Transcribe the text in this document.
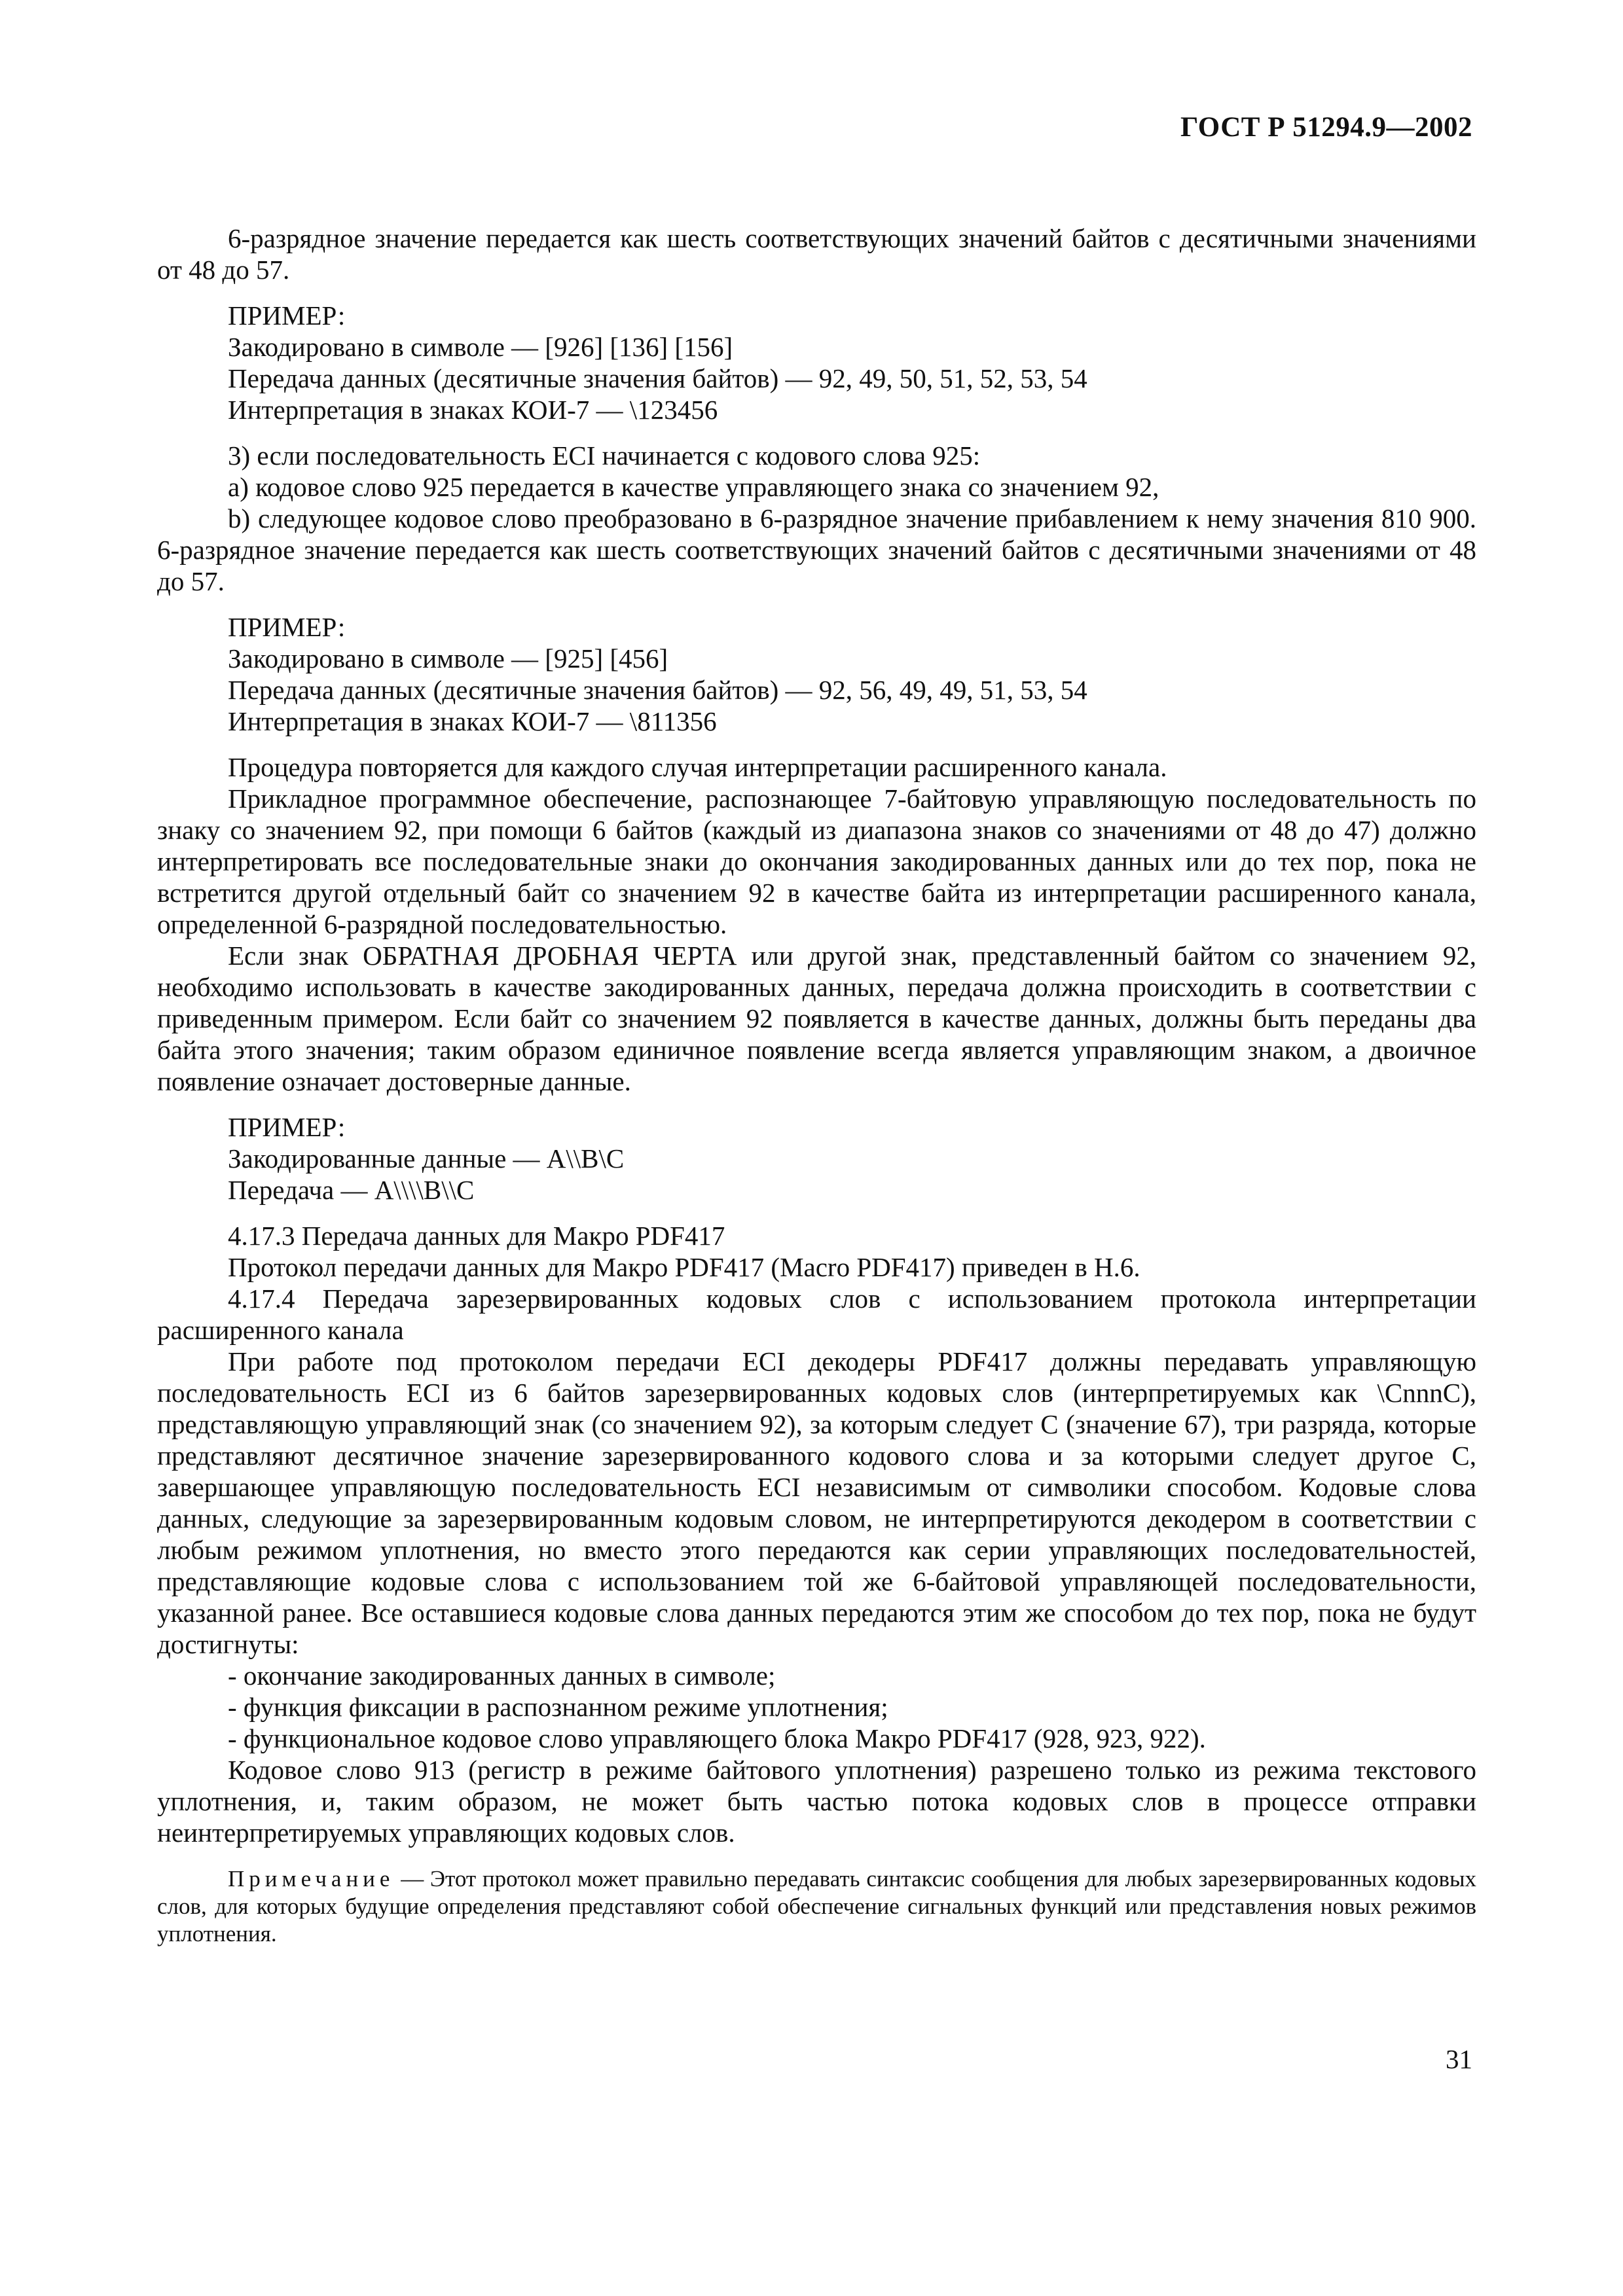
ГОСТ Р 51294.9—2002

6-разрядное значение передается как шесть соответствующих значений байтов с десятичными значениями от 48 до 57.

ПРИМЕР:

Закодировано в символе — [926] [136] [156]

Передача данных (десятичные значения байтов) — 92, 49, 50, 51, 52, 53, 54

Интерпретация в знаках КОИ-7 — \123456

3) если последовательность ECI начинается с кодового слова 925:

а) кодовое слово 925 передается в качестве управляющего знака со значением 92,

b) следующее кодовое слово преобразовано в 6-разрядное значение прибавлением к нему значения 810 900. 6-разрядное значение передается как шесть соответствующих значений байтов с десятичными значениями от 48 до 57.

ПРИМЕР:

Закодировано в символе — [925] [456]

Передача данных (десятичные значения байтов) — 92, 56, 49, 49, 51, 53, 54

Интерпретация в знаках КОИ-7 — \811356

Процедура повторяется для каждого случая интерпретации расширенного канала.

Прикладное программное обеспечение, распознающее 7-байтовую управляющую последовательность по знаку со значением 92, при помощи 6 байтов (каждый из диапазона знаков со значениями от 48 до 47) должно интерпретировать все последовательные знаки до окончания закодированных данных или до тех пор, пока не встретится другой отдельный байт со значением 92 в качестве байта из интерпретации расширенного канала, определенной 6-разрядной последовательностью.

Если знак ОБРАТНАЯ ДРОБНАЯ ЧЕРТА или другой знак, представленный байтом со значением 92, необходимо использовать в качестве закодированных данных, передача должна происходить в соответствии с приведенным примером. Если байт со значением 92 появляется в качестве данных, должны быть переданы два байта этого значения; таким образом единичное появление всегда является управляющим знаком, а двоичное появление означает достоверные данные.

ПРИМЕР:

Закодированные данные — A\\B\C

Передача — A\\\\B\\C

4.17.3 Передача данных для Макро PDF417

Протокол передачи данных для Макро PDF417 (Macro PDF417) приведен в Н.6.

4.17.4 Передача зарезервированных кодовых слов с использованием протокола интерпретации расширенного канала

При работе под протоколом передачи ECI декодеры PDF417 должны передавать управляющую последовательность ECI из 6 байтов зарезервированных кодовых слов (интерпретируемых как \CnnnC), представляющую управляющий знак (со значением 92), за которым следует C (значение 67), три разряда, которые представляют десятичное значение зарезервированного кодового слова и за которыми следует другое C, завершающее управляющую последовательность ECI независимым от символики способом. Кодовые слова данных, следующие за зарезервированным кодовым словом, не интерпретируются декодером в соответствии с любым режимом уплотнения, но вместо этого передаются как серии управляющих последовательностей, представляющие кодовые слова с использованием той же 6-байтовой управляющей последовательности, указанной ранее. Все оставшиеся кодовые слова данных передаются этим же способом до тех пор, пока не будут достигнуты:

- окончание закодированных данных в символе;

- функция фиксации в распознанном режиме уплотнения;

- функциональное кодовое слово управляющего блока Макро PDF417 (928, 923, 922).

Кодовое слово 913 (регистр в режиме байтового уплотнения) разрешено только из режима текстового уплотнения, и, таким образом, не может быть частью потока кодовых слов в процессе отправки неинтерпретируемых управляющих кодовых слов.

Примечание — Этот протокол может правильно передавать синтаксис сообщения для любых зарезервированных кодовых слов, для которых будущие определения представляют собой обеспечение сигнальных функций или представления новых режимов уплотнения.

31
